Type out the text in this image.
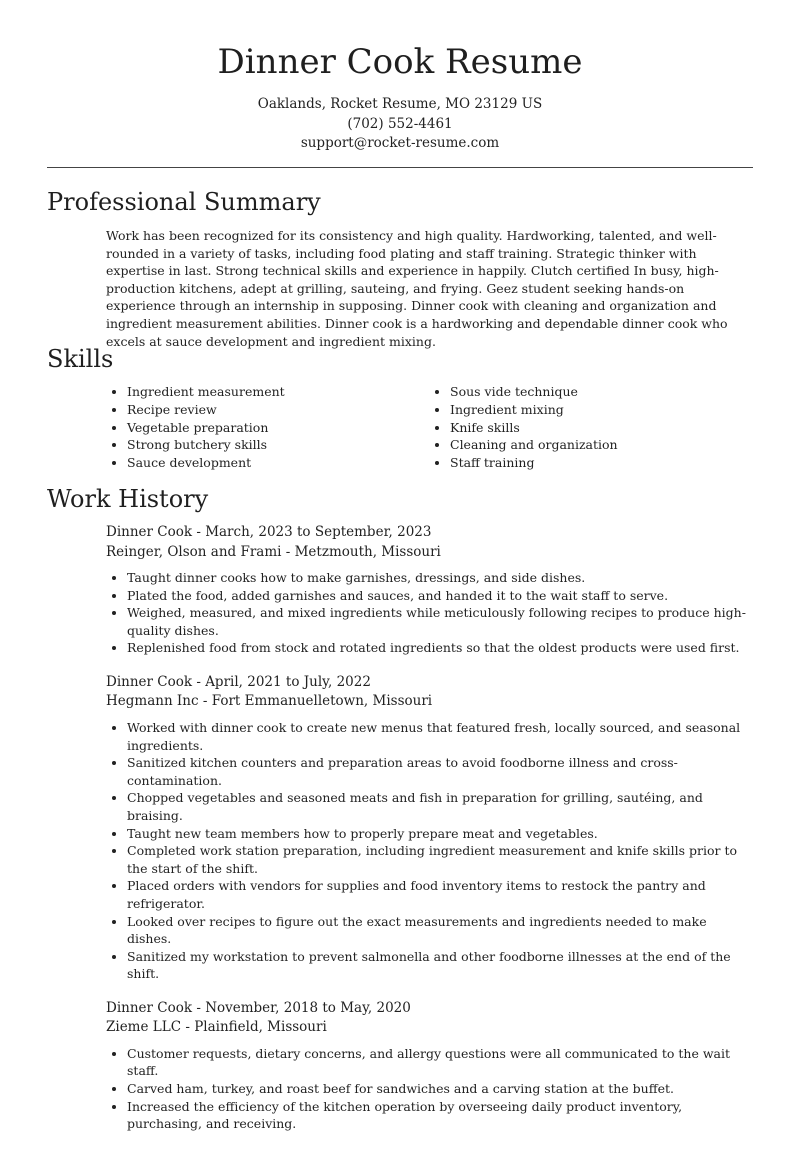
Dinner Cook Resume
Oaklands, Rocket Resume, MO 23129 US
(702) 552-4461
support@rocket-resume.com
Professional Summary

Work has been recognized for its consistency and high quality. Hardworking, talented, and well-rounded in a variety of tasks, including food plating and staff training. Strategic thinker with expertise in last. Strong technical skills and experience in happily. Clutch certified In busy, high-production kitchens, adept at grilling, sauteing, and frying. Geez student seeking hands-on experience through an internship in supposing. Dinner cook with cleaning and organization and ingredient measurement abilities. Dinner cook is a hardworking and dependable dinner cook who excels at sauce development and ingredient mixing.

Skills
• Ingredient measurement
• Recipe review
• Vegetable preparation
• Strong butchery skills
• Sauce development
• Sous vide technique
• Ingredient mixing
• Knife skills
• Cleaning and organization
• Staff training
Work History
Dinner Cook - March, 2023 to September, 2023
Reinger, Olson and Frami - Metzmouth, Missouri
• Taught dinner cooks how to make garnishes, dressings, and side dishes.
• Plated the food, added garnishes and sauces, and handed it to the wait staff to serve.
• Weighed, measured, and mixed ingredients while meticulously following recipes to produce high-quality dishes.
• Replenished food from stock and rotated ingredients so that the oldest products were used first.
Dinner Cook - April, 2021 to July, 2022
Hegmann Inc - Fort Emmanuelletown, Missouri
• Worked with dinner cook to create new menus that featured fresh, locally sourced, and seasonal ingredients.
• Sanitized kitchen counters and preparation areas to avoid foodborne illness and cross-contamination.
• Chopped vegetables and seasoned meats and fish in preparation for grilling, sautéing, and braising.
• Taught new team members how to properly prepare meat and vegetables.
• Completed work station preparation, including ingredient measurement and knife skills prior to the start of the shift.
• Placed orders with vendors for supplies and food inventory items to restock the pantry and refrigerator.
• Looked over recipes to figure out the exact measurements and ingredients needed to make dishes.
• Sanitized my workstation to prevent salmonella and other foodborne illnesses at the end of the shift.
Dinner Cook - November, 2018 to May, 2020
Zieme LLC - Plainfield, Missouri
• Customer requests, dietary concerns, and allergy questions were all communicated to the wait staff.
• Carved ham, turkey, and roast beef for sandwiches and a carving station at the buffet.
• Increased the efficiency of the kitchen operation by overseeing daily product inventory, purchasing, and receiving.
